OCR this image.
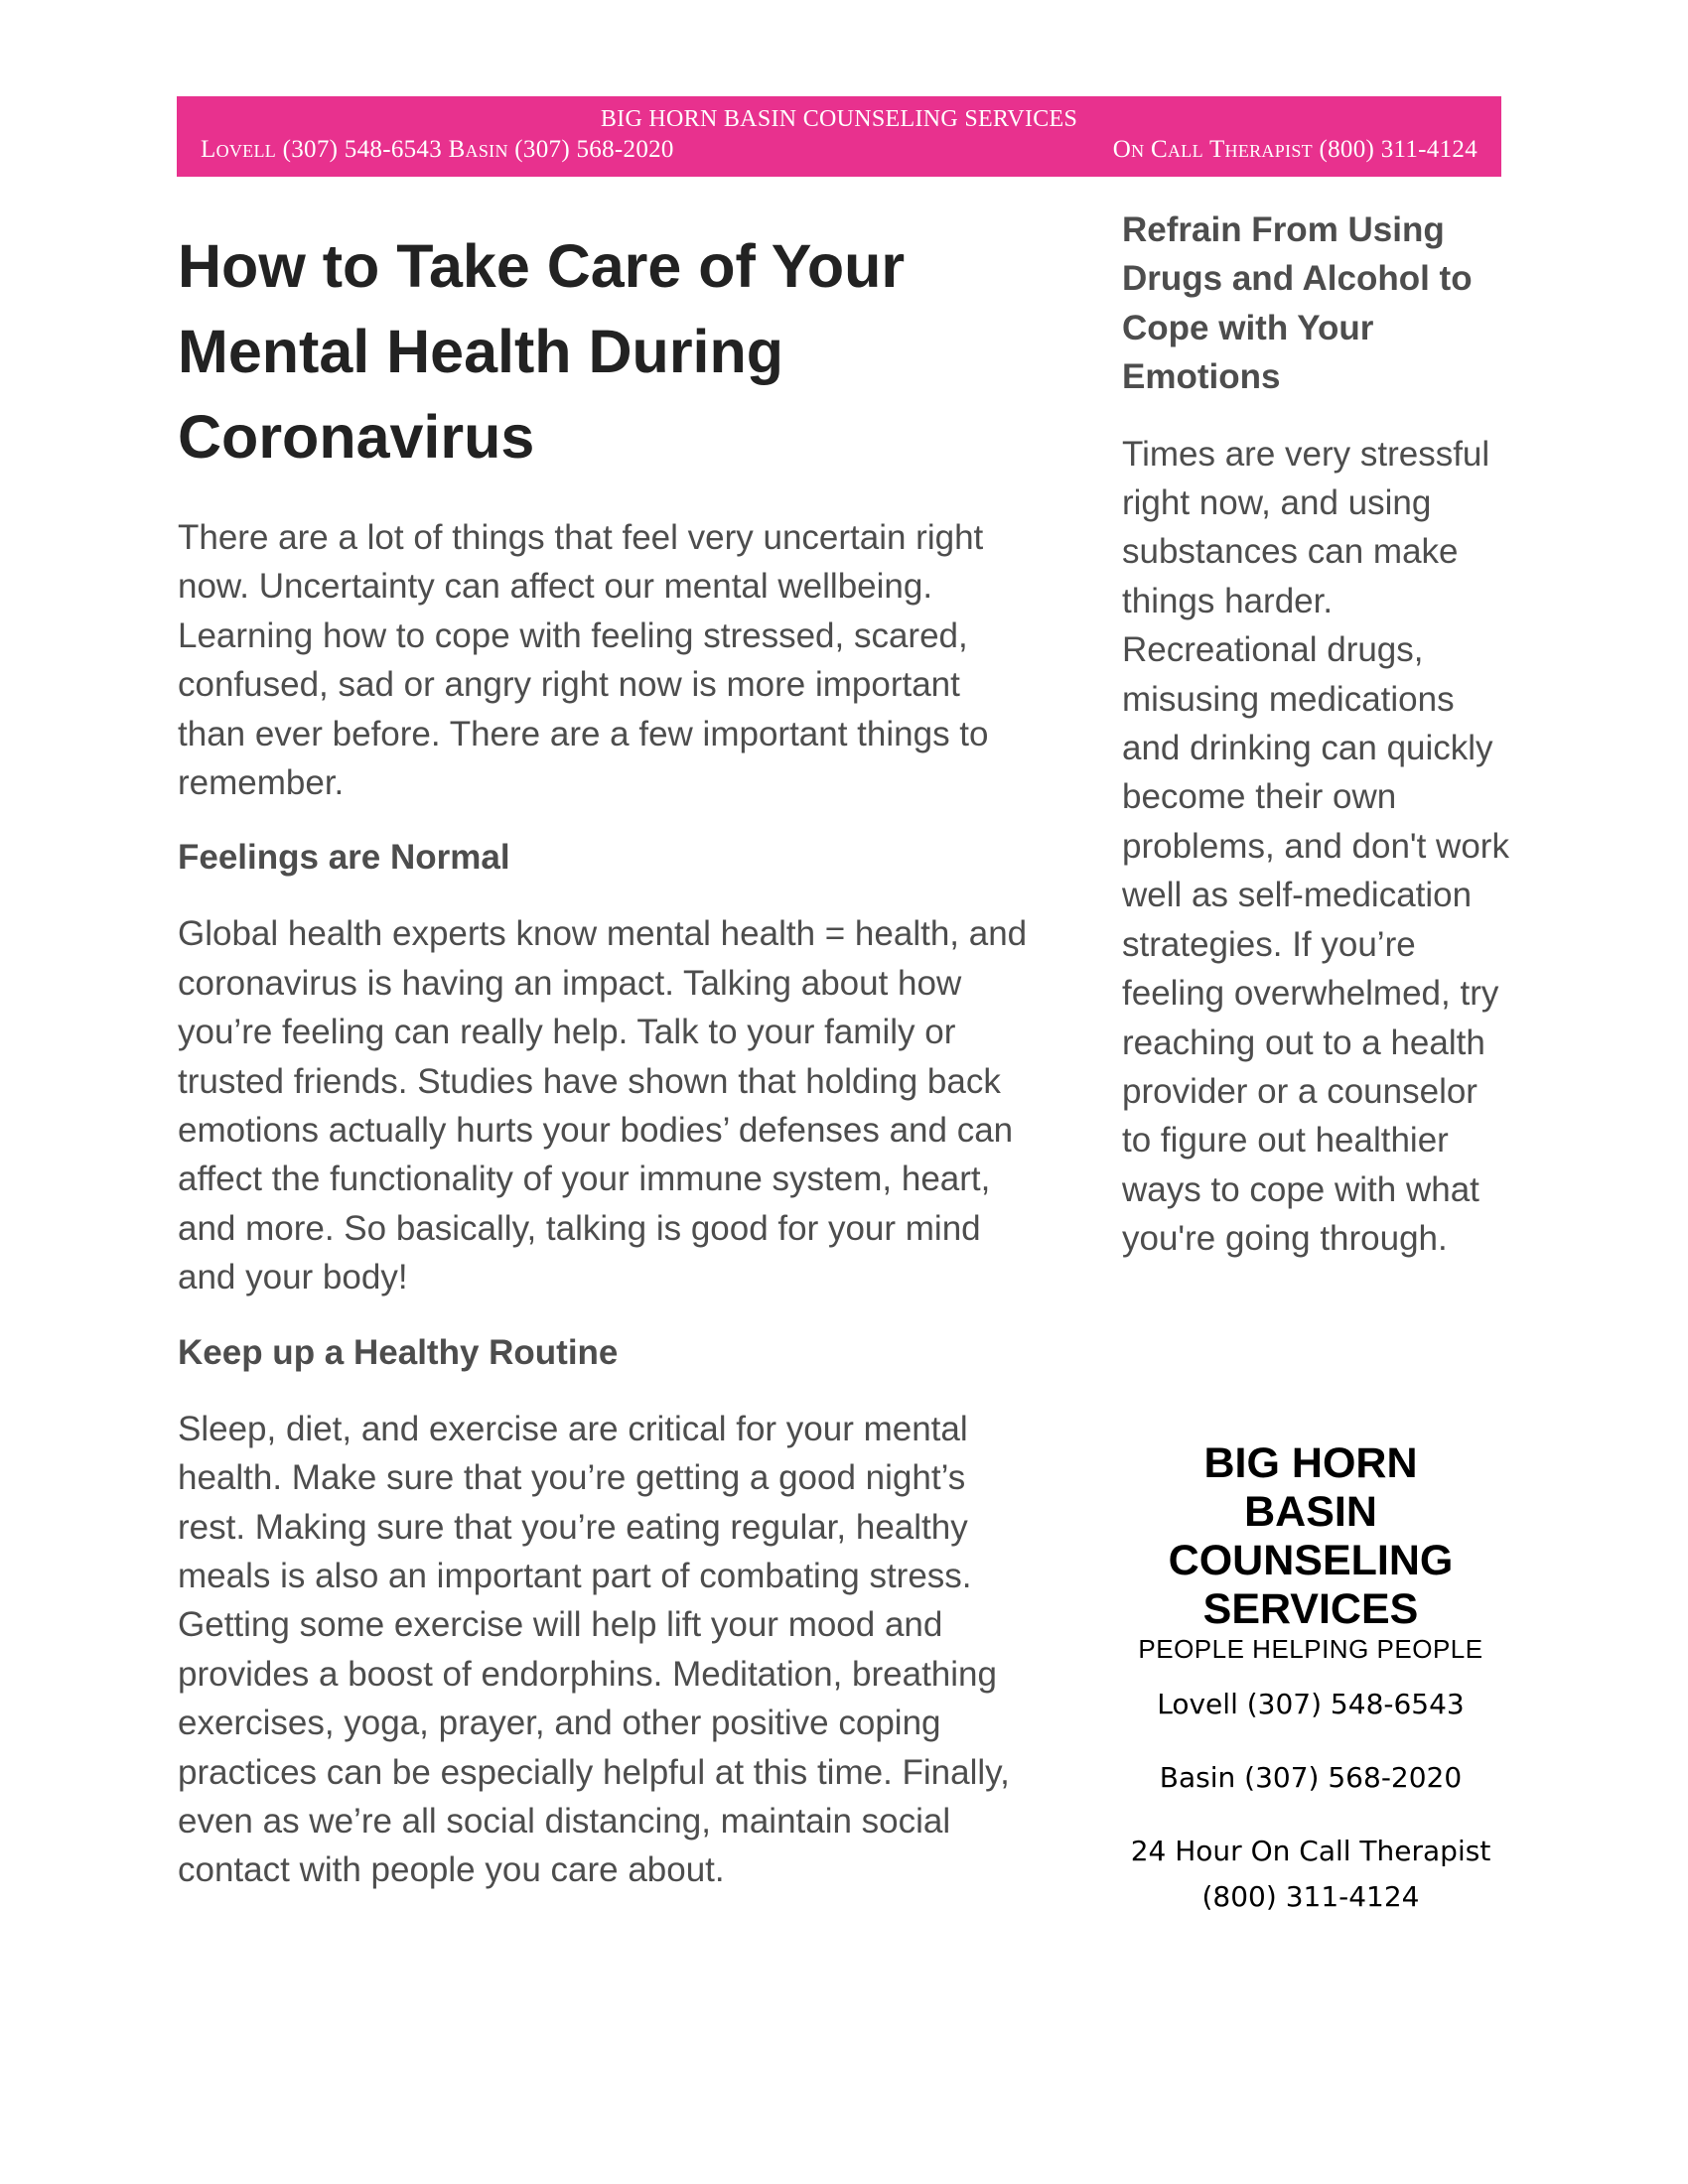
BIG HORN BASIN COUNSELING SERVICES
Lovell (307) 548-6543 Basin (307) 568-2020	On Call Therapist (800) 311-4124
How to Take Care of Your Mental Health During Coronavirus

There are a lot of things that feel very uncertain right now. Uncertainty can affect our mental wellbeing. Learning how to cope with feeling stressed, scared, confused, sad or angry right now is more important than ever before. There are a few important things to remember.

Feelings are Normal

Global health experts know mental health = health, and coronavirus is having an impact. Talking about how you’re feeling can really help. Talk to your family or trusted friends. Studies have shown that holding back emotions actually hurts your bodies’ defenses and can affect the functionality of your immune system, heart, and more. So basically, talking is good for your mind and your body!

Keep up a Healthy Routine

Sleep, diet, and exercise are critical for your mental health. Make sure that you’re getting a good night’s rest. Making sure that you’re eating regular, healthy meals is also an important part of combating stress. Getting some exercise will help lift your mood and provides a boost of endorphins. Meditation, breathing exercises, yoga, prayer, and other positive coping practices can be especially helpful at this time. Finally, even as we’re all social distancing, maintain social contact with people you care about.

Refrain From Using Drugs and Alcohol to Cope with Your Emotions

Times are very stressful right now, and using substances can make things harder. Recreational drugs, misusing medications and drinking can quickly become their own problems, and don't work well as self-medication strategies. If you’re feeling overwhelmed, try reaching out to a health provider or a counselor to figure out healthier ways to cope with what you're going through.

BIG HORN
BASIN
COUNSELING
SERVICES
PEOPLE HELPING PEOPLE
Lovell (307) 548-6543
Basin (307) 568-2020
24 Hour On Call Therapist
(800) 311-4124
